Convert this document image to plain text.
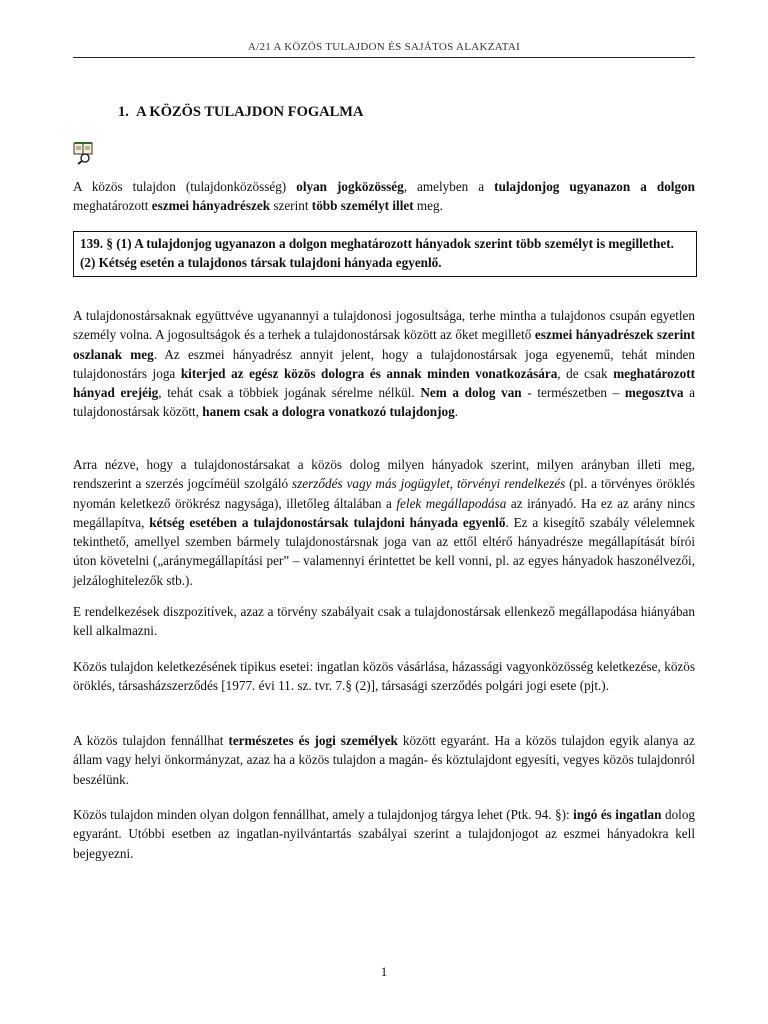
A/21 A KÖZÖS TULAJDON ÉS SAJÁTOS ALAKZATAI
1. A KÖZÖS TULAJDON FOGALMA
A közös tulajdon (tulajdonközösség) olyan jogközösség, amelyben a tulajdonjog ugyanazon a dolgon meghatározott eszmei hányadrészek szerint több személyt illet meg.

139. § (1) A tulajdonjog ugyanazon a dolgon meghatározott hányadok szerint több személyt is megillethet.

(2) Kétség esetén a tulajdonos társak tulajdoni hányada egyenlő.

A tulajdonostársaknak együttvéve ugyanannyi a tulajdonosi jogosultsága, terhe mintha a tulajdonos csupán egyetlen személy volna. A jogosultságok és a terhek a tulajdonostársak között az őket megillető eszmei hányadrészek szerint oszlanak meg. Az eszmei hányadrész annyit jelent, hogy a tulajdonostársak joga egyenemű, tehát minden tulajdonostárs joga kiterjed az egész közös dologra és annak minden vonatkozására, de csak meghatározott hányad erejéig, tehát csak a többiek jogának sérelme nélkül. Nem a dolog van - természetben – megosztva a tulajdonostársak között, hanem csak a dologra vonatkozó tulajdonjog.
Arra nézve, hogy a tulajdonostársakat a közös dolog milyen hányadok szerint, milyen arányban illeti meg, rendszerint a szerzés jogcíméül szolgáló szerződés vagy más jogügylet, törvényi rendelkezés (pl. a törvényes öröklés nyomán keletkező örökrész nagysága), illetőleg általában a felek megállapodása az irányadó. Ha ez az arány nincs megállapítva, kétség esetében a tulajdonostársak tulajdoni hányada egyenlő. Ez a kisegítő szabály vélelemnek tekinthető, amellyel szemben bármely tulajdonostársnak joga van az ettől eltérő hányadrésze megállapítását bírói úton követelni („aránymegállapítási per” – valamennyi érintettet be kell vonni, pl. az egyes hányadok haszonélvezői, jelzáloghitelezők stb.).
E rendelkezések diszpozitívek, azaz a törvény szabályait csak a tulajdonostársak ellenkező megállapodása hiányában kell alkalmazni.
Közös tulajdon keletkezésének tipikus esetei: ingatlan közös vásárlása, házassági vagyonközösség keletkezése, közös öröklés, társasházszerződés [1977. évi 11. sz. tvr. 7.§ (2)], társasági szerződés polgári jogi esete (pjt.).
A közös tulajdon fennállhat természetes és jogi személyek között egyaránt. Ha a közös tulajdon egyik alanya az állam vagy helyi önkormányzat, azaz ha a közös tulajdon a magán- és köztulajdont egyesíti, vegyes közös tulajdonról beszélünk.
Közös tulajdon minden olyan dolgon fennállhat, amely a tulajdonjog tárgya lehet (Ptk. 94. §): ingó és ingatlan dolog egyaránt. Utóbbi esetben az ingatlan-nyilvántartás szabályai szerint a tulajdonjogot az eszmei hányadokra kell bejegyezni.
1
